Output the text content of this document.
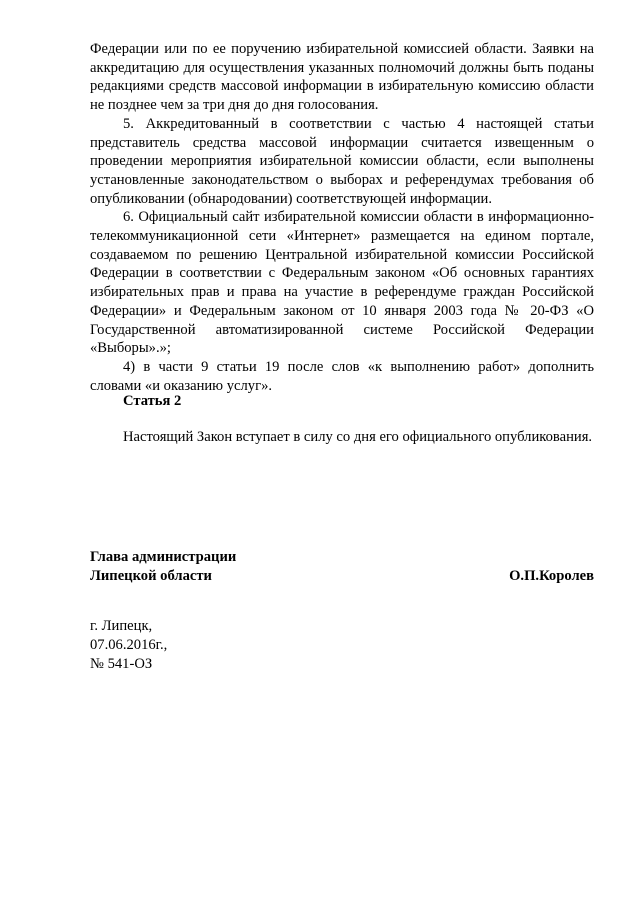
Федерации или по ее поручению избирательной комиссией области. Заявки на аккредитацию для осуществления указанных полномочий должны быть поданы редакциями средств массовой информации в избирательную комиссию области не позднее чем за три дня до дня голосования.

5. Аккредитованный в соответствии с частью 4 настоящей статьи представитель средства массовой информации считается извещенным о проведении мероприятия избирательной комиссии области, если выполнены установленные законодательством о выборах и референдумах требования об опубликовании (обнародовании) соответствующей информации.

6. Официальный сайт избирательной комиссии области в информационно-телекоммуникационной сети «Интернет» размещается на едином портале, создаваемом по решению Центральной избирательной комиссии Российской Федерации в соответствии с Федеральным законом «Об основных гарантиях избирательных прав и права на участие в референдуме граждан Российской Федерации» и Федеральным законом от 10 января 2003 года № 20-ФЗ «О Государственной автоматизированной системе Российской Федерации «Выборы».»;

4) в части 9 статьи 19 после слов «к выполнению работ» дополнить словами «и оказанию услуг».

Статья 2

Настоящий Закон вступает в силу со дня его официального опубликования.

Глава администрации
Липецкой области	О.П.Королев
г. Липецк,
07.06.2016г.,
№ 541-ОЗ
